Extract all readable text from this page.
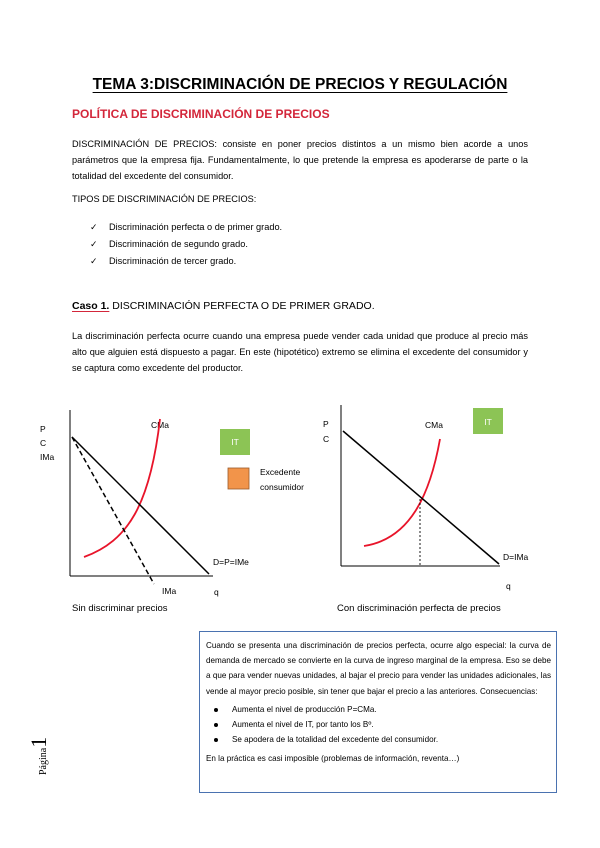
TEMA 3:DISCRIMINACIÓN DE PRECIOS Y REGULACIÓN
POLÍTICA DE DISCRIMINACIÓN DE PRECIOS
DISCRIMINACIÓN DE PRECIOS: consiste en poner precios distintos a un mismo bien acorde a unos parámetros que la empresa fija. Fundamentalmente, lo que pretende la empresa es apoderarse de parte o la totalidad del excedente del consumidor.
TIPOS DE DISCRIMINACIÓN DE PRECIOS:
✓	Discriminación perfecta o de primer grado.
✓	Discriminación de segundo grado.
✓	Discriminación de tercer grado.
Caso 1. DISCRIMINACIÓN PERFECTA O DE PRIMER GRADO.
La discriminación perfecta ocurre cuando una empresa puede vender cada unidad que produce al precio más alto que alguien está dispuesto a pagar. En este (hipotético) extremo se elimina el excedente del consumidor y se captura como excedente del productor.
P
C
IMa
CMa
D=P=IMe
IMa	q
IT
Excedente
consumidor
P
C
CMa
D=IMa
q
IT
Sin discriminar precios	Con discriminación perfecta de precios

Cuando se presenta una discriminación de precios perfecta, ocurre algo especial: la curva de demanda de mercado se convierte en la curva de ingreso marginal de la empresa. Eso se debe a que para vender nuevas unidades, al bajar el precio para vender las unidades adicionales, las vende al mayor precio posible, sin tener que bajar el precio a las anteriores. Consecuencias:

Aumenta el nivel de producción P=CMa.
Aumenta el nivel de IT, por tanto los Bº.
Se apodera de la totalidad del excedente del consumidor.

En la práctica es casi imposible (problemas de información, reventa…)

Página1
